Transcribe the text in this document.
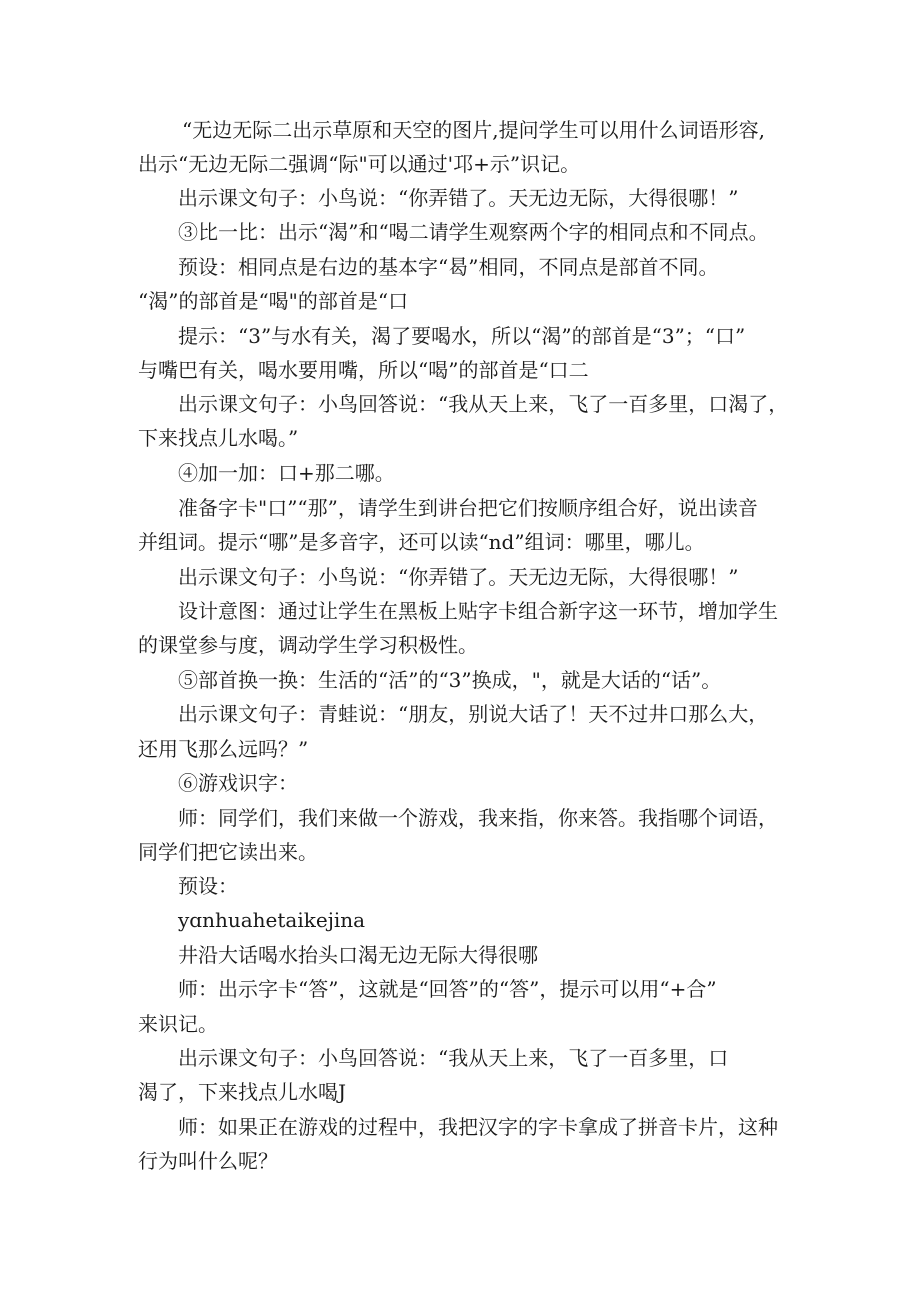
“无边无际二出示草原和天空的图片,提问学生可以用什么词语形容,
出示“无边无际二强调“际"可以通过'邛+示”识记。
出示课文句子：小鸟说：“你弄错了。天无边无际，大得很哪！”
③比一比：出示“渴”和“喝二请学生观察两个字的相同点和不同点。
预设：相同点是右边的基本字“曷”相同，不同点是部首不同。
“渴”的部首是“喝"的部首是“口
提示：“3”与水有关，渴了要喝水，所以“渴”的部首是“3”；“口”
与嘴巴有关，喝水要用嘴，所以“喝”的部首是“口二
出示课文句子：小鸟回答说：“我从天上来，飞了一百多里，口渴了，
下来找点儿水喝。”
④加一加：口+那二哪。
准备字卡"口”“那”，请学生到讲台把它们按顺序组合好，说出读音
并组词。提示“哪”是多音字，还可以读“nd”组词：哪里，哪儿。
出示课文句子：小鸟说：“你弄错了。天无边无际，大得很哪！”
设计意图：通过让学生在黑板上贴字卡组合新字这一环节，增加学生
的课堂参与度，调动学生学习积极性。
⑤部首换一换：生活的“活”的“3”换成，"，就是大话的“话”。
出示课文句子：青蛙说：“朋友，别说大话了！天不过井口那么大，
还用飞那么远吗？”
⑥游戏识字：
师：同学们，我们来做一个游戏，我来指，你来答。我指哪个词语，
同学们把它读出来。
预设：
yɑnhuahetaikejina
井沿大话喝水抬头口渴无边无际大得很哪
师：出示字卡“答”，这就是“回答”的“答”，提示可以用“+合”
来识记。
出示课文句子：小鸟回答说：“我从天上来，飞了一百多里，口
渴了，下来找点儿水喝J
师：如果正在游戏的过程中，我把汉字的字卡拿成了拼音卡片，这种
行为叫什么呢？
